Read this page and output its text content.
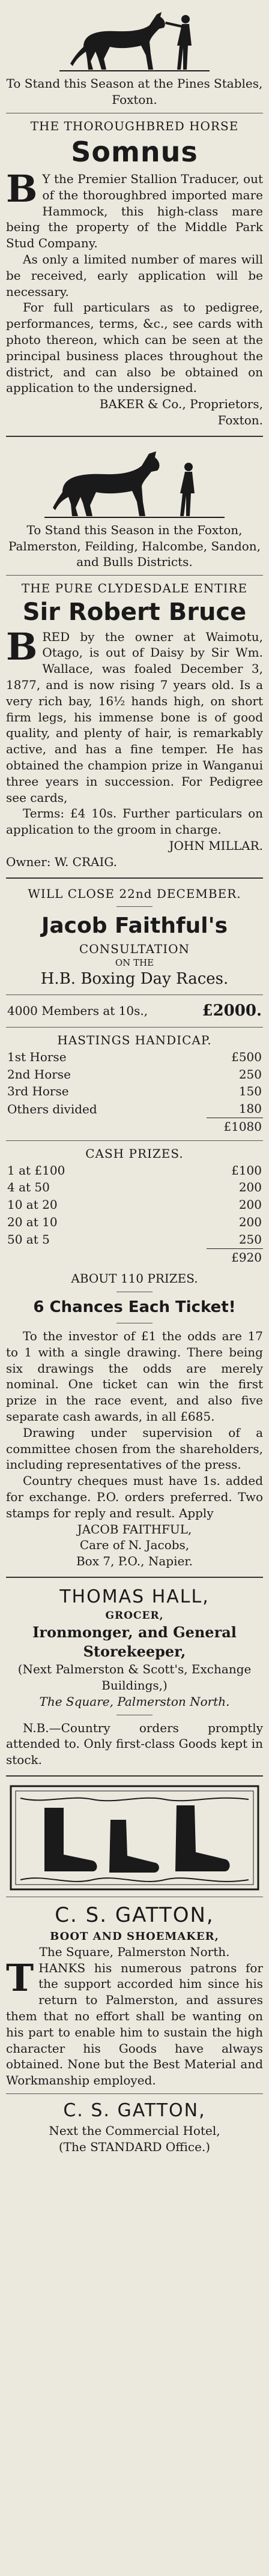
To Stand this Season at the Pines Stables, Foxton.

THE THOROUGHBRED HORSE

Somnus

B Y the Premier Stallion Traducer, out of the thoroughbred imported mare Hammock, this high-class mare being the property of the Middle Park Stud Company.

As only a limited number of mares will be received, early application will be necessary.

For full particulars as to pedigree, performances, terms, &c., see cards with photo thereon, which can be seen at the principal business places throughout the district, and can also be obtained on application to the undersigned.

BAKER & Co., Proprietors,

Foxton.

To Stand this Season in the Foxton, Palmerston, Feilding, Halcombe, Sandon, and Bulls Districts.

THE PURE CLYDESDALE ENTIRE

Sir Robert Bruce

BRED by the owner at Waimotu, Otago, is out of Daisy by Sir Wm. Wallace, was foaled December 3, 1877, and is now rising 7 years old. Is a very rich bay, 16½ hands high, on short firm legs, his immense bone is of good quality, and plenty of hair, is remarkably active, and has a fine temper. He has obtained the champion prize in Wanganui three years in succession. For Pedigree see cards,

Terms: £4 10s. Further particulars on application to the groom in charge.

JOHN MILLAR.

Owner: W. CRAIG.

WILL CLOSE 22nd DECEMBER.

Jacob Faithful's

CONSULTATION

ON THE

H.B. Boxing Day Races.

4000 Members at 10s.,	£2000.

HASTINGS HANDICAP.

1st Horse	£500
2nd Horse	250
3rd Horse	150
Others divided	180
	£1080

CASH PRIZES.

1 at £100	£100
4 at 50	200
10 at 20	200
20 at 10	200
50 at 5	250
	£920

ABOUT 110 PRIZES.

6 Chances Each Ticket!

To the investor of £1 the odds are 17 to 1 with a single drawing. There being six drawings the odds are merely nominal. One ticket can win the first prize in the race event, and also five separate cash awards, in all £685.

Drawing under supervision of a committee chosen from the shareholders, including representatives of the press.

Country cheques must have 1s. added for exchange. P.O. orders preferred. Two stamps for reply and result. Apply

JACOB FAITHFUL,

Care of N. Jacobs,

Box 7, P.O., Napier.

THOMAS HALL,

GROCER,

Ironmonger, and General

Storekeeper,

(Next Palmerston & Scott's, Exchange Buildings,)

The Square, Palmerston North.

N.B.—Country orders promptly attended to. Only first-class Goods kept in stock.

C. S. GATTON,

BOOT AND SHOEMAKER,

The Square, Palmerston North.

THANKS his numerous patrons for the support accorded him since his return to Palmerston, and assures them that no effort shall be wanting on his part to enable him to sustain the high character his Goods have always obtained. None but the Best Material and Workmanship employed.

C. S. GATTON,

Next the Commercial Hotel,

(The STANDARD Office.)
